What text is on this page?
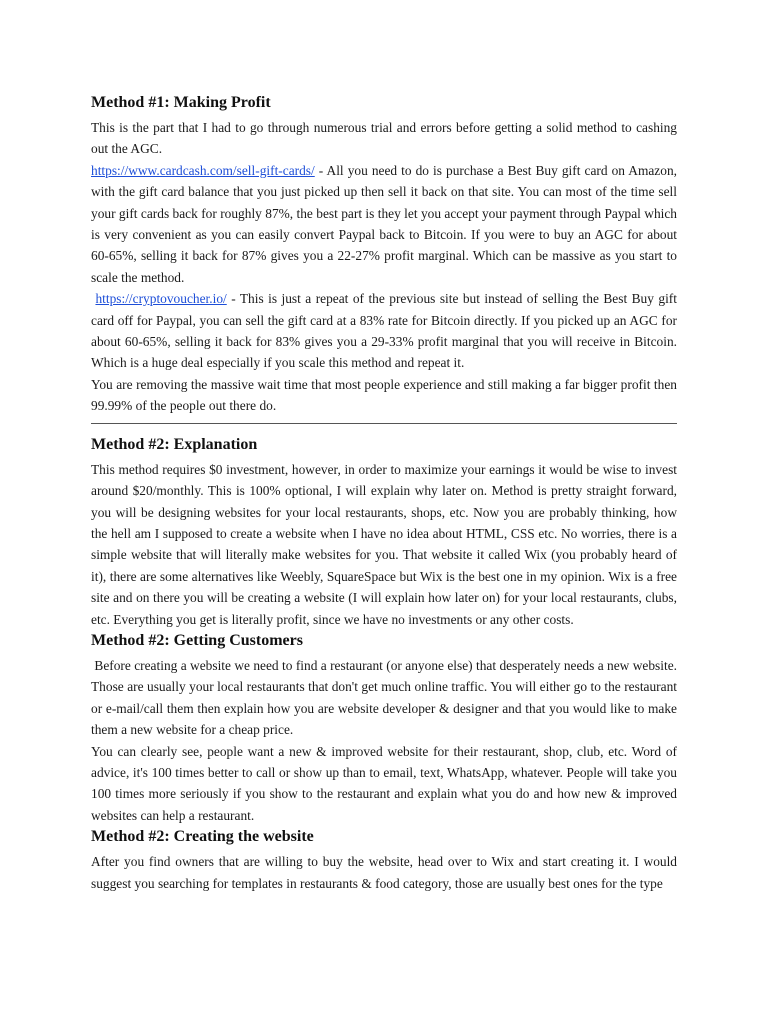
Method #1: Making Profit

This is the part that I had to go through numerous trial and errors before getting a solid method to cashing out the AGC.

https://www.cardcash.com/sell-gift-cards/ - All you need to do is purchase a Best Buy gift card on Amazon, with the gift card balance that you just picked up then sell it back on that site. You can most of the time sell your gift cards back for roughly 87%, the best part is they let you accept your payment through Paypal which is very convenient as you can easily convert Paypal back to Bitcoin. If you were to buy an AGC for about 60-65%, selling it back for 87% gives you a 22-27% profit marginal. Which can be massive as you start to scale the method.

https://cryptovoucher.io/ - This is just a repeat of the previous site but instead of selling the Best Buy gift card off for Paypal, you can sell the gift card at a 83% rate for Bitcoin directly. If you picked up an AGC for about 60-65%, selling it back for 83% gives you a 29-33% profit marginal that you will receive in Bitcoin. Which is a huge deal especially if you scale this method and repeat it.

You are removing the massive wait time that most people experience and still making a far bigger profit then 99.99% of the people out there do.

Method #2: Explanation

This method requires $0 investment, however, in order to maximize your earnings it would be wise to invest around $20/monthly. This is 100% optional, I will explain why later on. Method is pretty straight forward, you will be designing websites for your local restaurants, shops, etc. Now you are probably thinking, how the hell am I supposed to create a website when I have no idea about HTML, CSS etc. No worries, there is a simple website that will literally make websites for you. That website it called Wix (you probably heard of it), there are some alternatives like Weebly, SquareSpace but Wix is the best one in my opinion. Wix is a free site and on there you will be creating a website (I will explain how later on) for your local restaurants, clubs, etc. Everything you get is literally profit, since we have no investments or any other costs.

Method #2: Getting Customers

Before creating a website we need to find a restaurant (or anyone else) that desperately needs a new website. Those are usually your local restaurants that don't get much online traffic. You will either go to the restaurant or e-mail/call them then explain how you are website developer & designer and that you would like to make them a new website for a cheap price.

You can clearly see, people want a new & improved website for their restaurant, shop, club, etc. Word of advice, it's 100 times better to call or show up than to email, text, WhatsApp, whatever. People will take you 100 times more seriously if you show to the restaurant and explain what you do and how new & improved websites can help a restaurant.

Method #2: Creating the website

After you find owners that are willing to buy the website, head over to Wix and start creating it. I would suggest you searching for templates in restaurants & food category, those are usually best ones for the type
